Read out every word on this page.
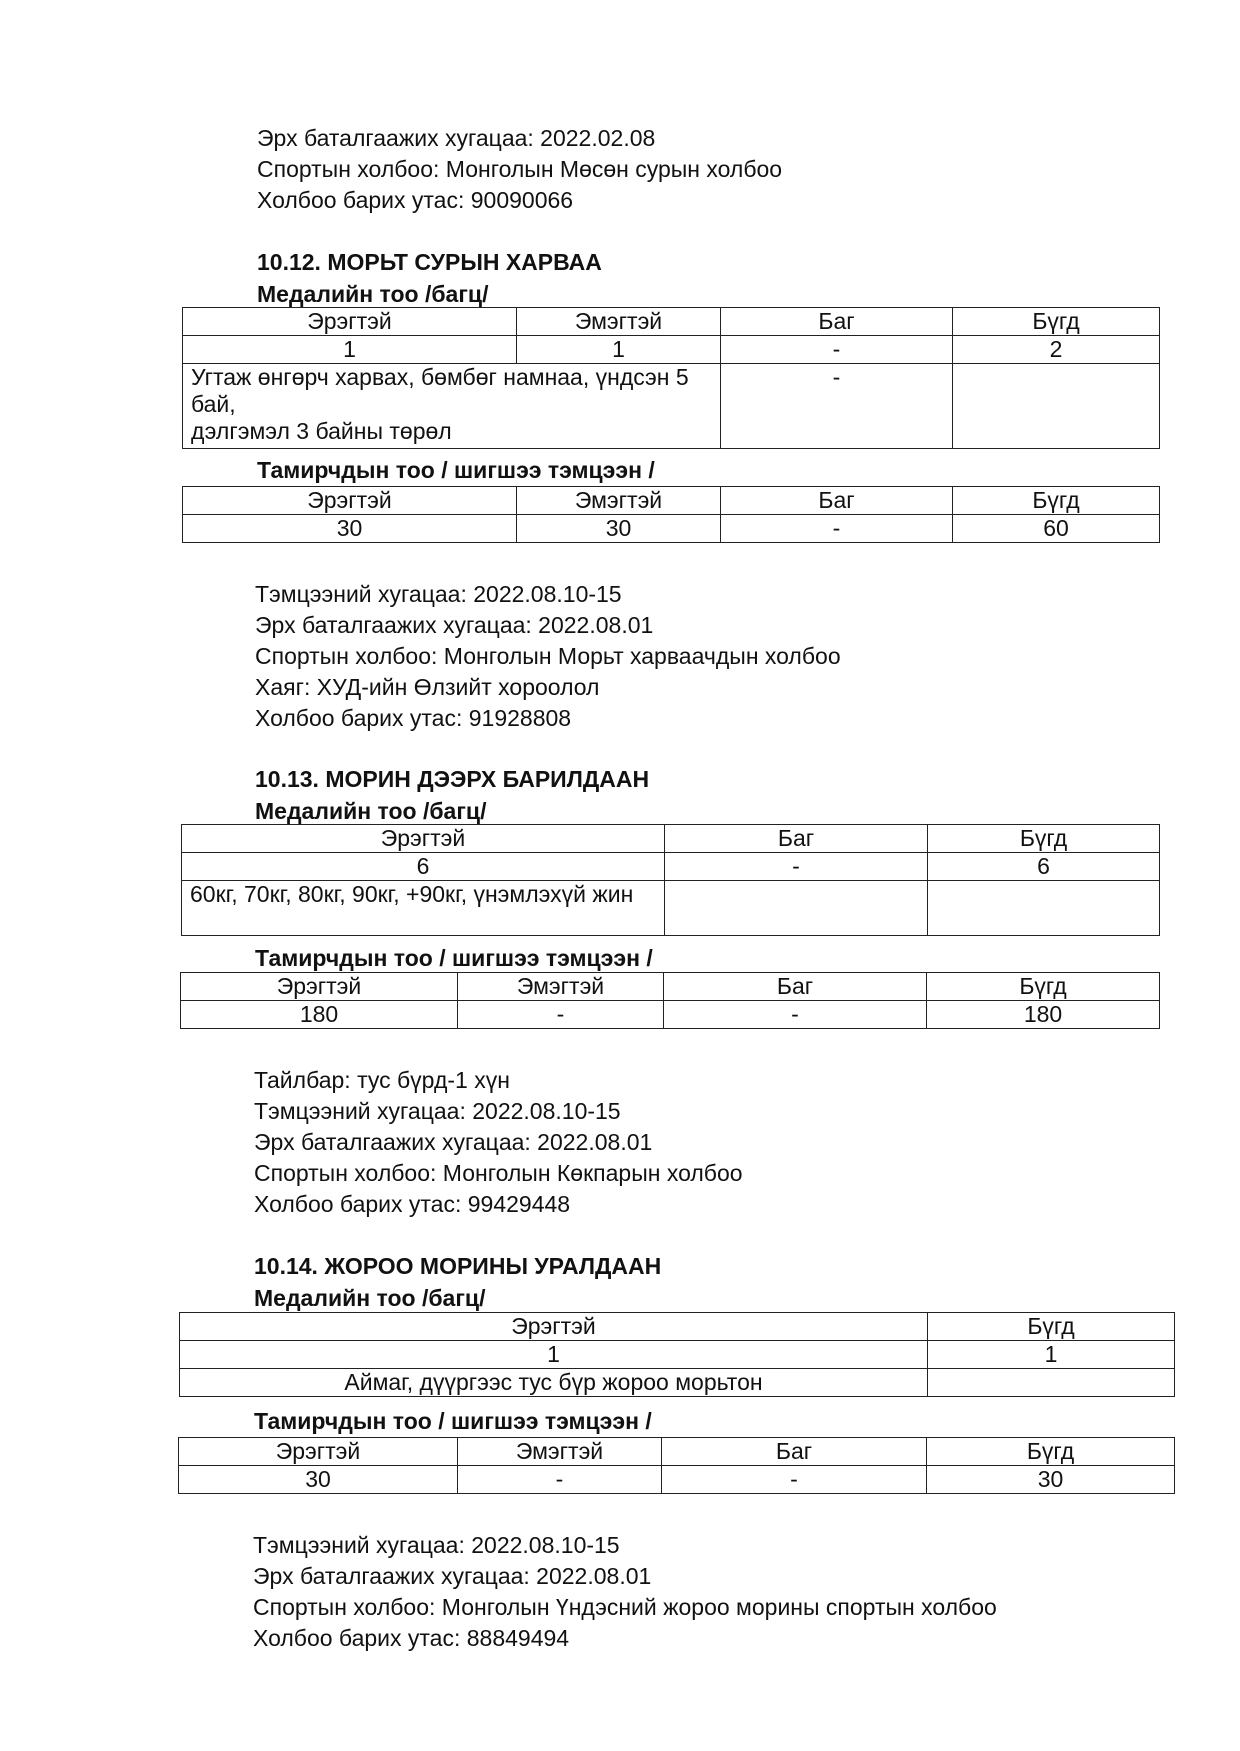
Эрх баталгаажих хугацаа: 2022.02.08
Спортын холбоо: Монголын Мөсөн сурын холбоо
Холбоо барих утас: 90090066
10.12. МОРЬТ СУРЫН ХАРВАА
Медалийн тоо /багц/
Эрэгтэй	Эмэгтэй	Баг	Бүгд
1	1	-	2
Угтаж өнгөрч харвах, бөмбөг намнаа, үндсэн 5 бай,
дэлгэмэл 3 байны төрөл		-	
Тамирчдын тоо / шигшээ тэмцээн /
Эрэгтэй	Эмэгтэй	Баг	Бүгд
30	30	-	60
Тэмцээний хугацаа: 2022.08.10-15
Эрх баталгаажих хугацаа: 2022.08.01
Спортын холбоо: Монголын Морьт харваачдын холбоо
Хаяг: ХУД-ийн Өлзийт хороолол
Холбоо барих утас: 91928808
10.13. МОРИН ДЭЭРХ БАРИЛДААН
Медалийн тоо /багц/
Эрэгтэй	Баг	Бүгд
6	-	6
60кг, 70кг, 80кг, 90кг, +90кг, үнэмлэхүй жин		
Тамирчдын тоо / шигшээ тэмцээн /
Эрэгтэй	Эмэгтэй	Баг	Бүгд
180	-	-	180
Тайлбар: тус бүрд-1 хүн
Тэмцээний хугацаа: 2022.08.10-15
Эрх баталгаажих хугацаа: 2022.08.01
Спортын холбоо: Монголын Көкпарын холбоо
Холбоо барих утас: 99429448
10.14. ЖОРОО МОРИНЫ УРАЛДААН
Медалийн тоо /багц/
Эрэгтэй	Бүгд
1	1
Аймаг, дүүргээс тус бүр жороо морьтон	
Тамирчдын тоо / шигшээ тэмцээн /
Эрэгтэй	Эмэгтэй	Баг	Бүгд
30	-	-	30
Тэмцээний хугацаа: 2022.08.10-15
Эрх баталгаажих хугацаа: 2022.08.01
Спортын холбоо: Монголын Үндэсний жороо морины спортын холбоо
Холбоо барих утас: 88849494
